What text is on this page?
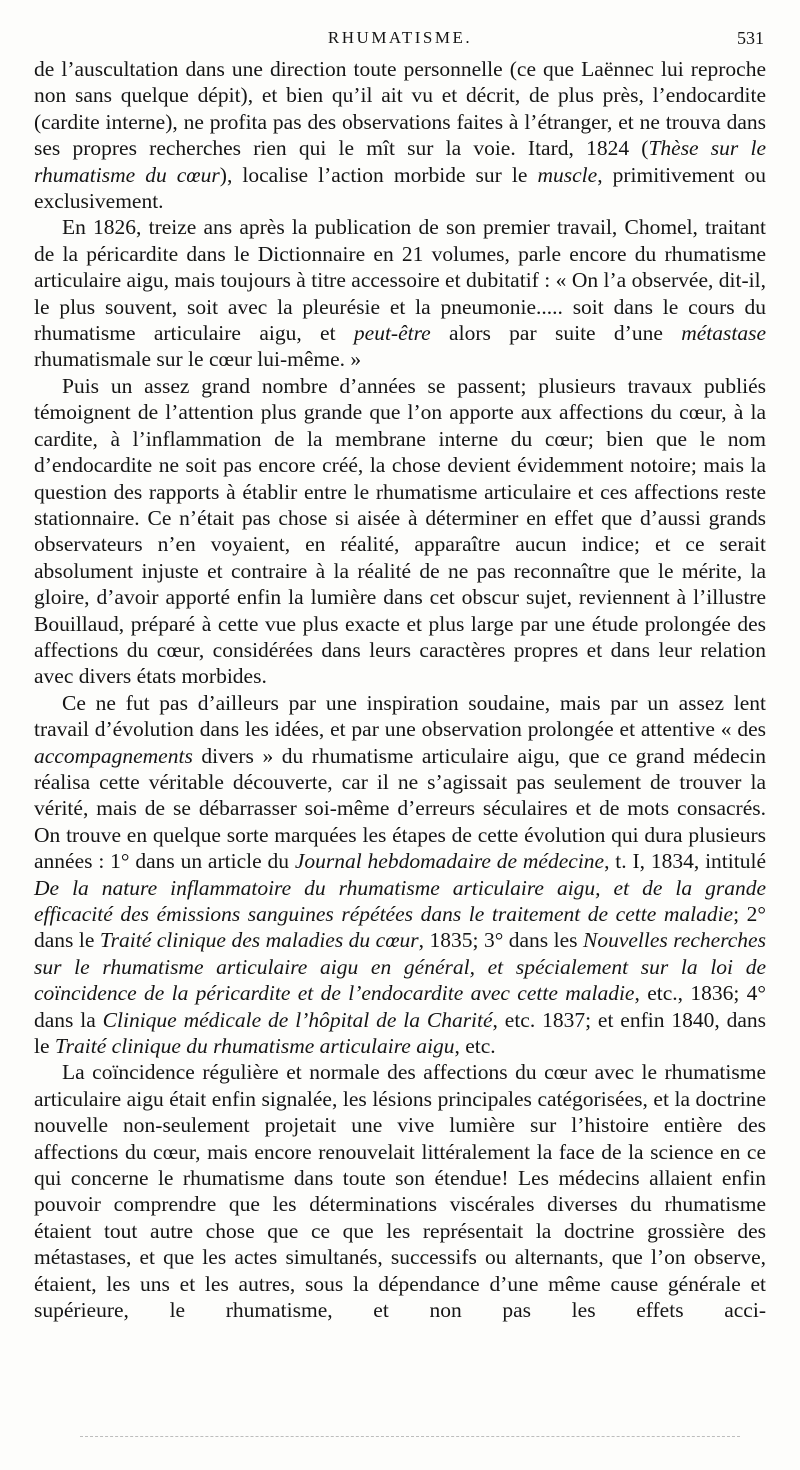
RHUMATISME.	531

de l’auscultation dans une direction toute personnelle (ce que Laënnec lui reproche non sans quelque dépit), et bien qu’il ait vu et décrit, de plus près, l’endocardite (cardite interne), ne profita pas des observations faites à l’étranger, et ne trouva dans ses propres recherches rien qui le mît sur la voie. Itard, 1824 (Thèse sur le rhumatisme du cœur), localise l’action morbide sur le muscle, primitivement ou exclusivement.

En 1826, treize ans après la publication de son premier travail, Chomel, traitant de la péricardite dans le Dictionnaire en 21 volumes, parle encore du rhumatisme articulaire aigu, mais toujours à titre accessoire et dubitatif : « On l’a observée, dit-il, le plus souvent, soit avec la pleurésie et la pneumonie..... soit dans le cours du rhumatisme articulaire aigu, et peut-être alors par suite d’une métastase rhumatismale sur le cœur lui-même. »

Puis un assez grand nombre d’années se passent; plusieurs travaux publiés témoignent de l’attention plus grande que l’on apporte aux affections du cœur, à la cardite, à l’inflammation de la membrane interne du cœur; bien que le nom d’endocardite ne soit pas encore créé, la chose devient évidemment notoire; mais la question des rapports à établir entre le rhumatisme articulaire et ces affections reste stationnaire. Ce n’était pas chose si aisée à déterminer en effet que d’aussi grands observateurs n’en voyaient, en réalité, apparaître aucun indice; et ce serait absolument injuste et contraire à la réalité de ne pas reconnaître que le mérite, la gloire, d’avoir apporté enfin la lumière dans cet obscur sujet, reviennent à l’illustre Bouillaud, préparé à cette vue plus exacte et plus large par une étude prolongée des affections du cœur, considérées dans leurs caractères propres et dans leur relation avec divers états morbides.

Ce ne fut pas d’ailleurs par une inspiration soudaine, mais par un assez lent travail d’évolution dans les idées, et par une observation prolongée et attentive « des accompagnements divers » du rhumatisme articulaire aigu, que ce grand médecin réalisa cette véritable découverte, car il ne s’agissait pas seulement de trouver la vérité, mais de se débarrasser soi-même d’erreurs séculaires et de mots consacrés. On trouve en quelque sorte marquées les étapes de cette évolution qui dura plusieurs années : 1° dans un article du Journal hebdomadaire de médecine, t. I, 1834, intitulé De la nature inflammatoire du rhumatisme articulaire aigu, et de la grande efficacité des émissions sanguines répétées dans le traitement de cette maladie; 2° dans le Traité clinique des maladies du cœur, 1835; 3° dans les Nouvelles recherches sur le rhumatisme articulaire aigu en général, et spécialement sur la loi de coïncidence de la péricardite et de l’endocardite avec cette maladie, etc., 1836; 4° dans la Clinique médicale de l’hôpital de la Charité, etc. 1837; et enfin 1840, dans le Traité clinique du rhumatisme articulaire aigu, etc.

La coïncidence régulière et normale des affections du cœur avec le rhumatisme articulaire aigu était enfin signalée, les lésions principales catégorisées, et la doctrine nouvelle non-seulement projetait une vive lumière sur l’histoire entière des affections du cœur, mais encore renouvelait littéralement la face de la science en ce qui concerne le rhumatisme dans toute son étendue! Les médecins allaient enfin pouvoir comprendre que les déterminations viscérales diverses du rhumatisme étaient tout autre chose que ce que les représentait la doctrine grossière des métastases, et que les actes simultanés, successifs ou alternants, que l’on observe, étaient, les uns et les autres, sous la dépendance d’une même cause générale et supérieure, le rhumatisme, et non pas les effets acci-
